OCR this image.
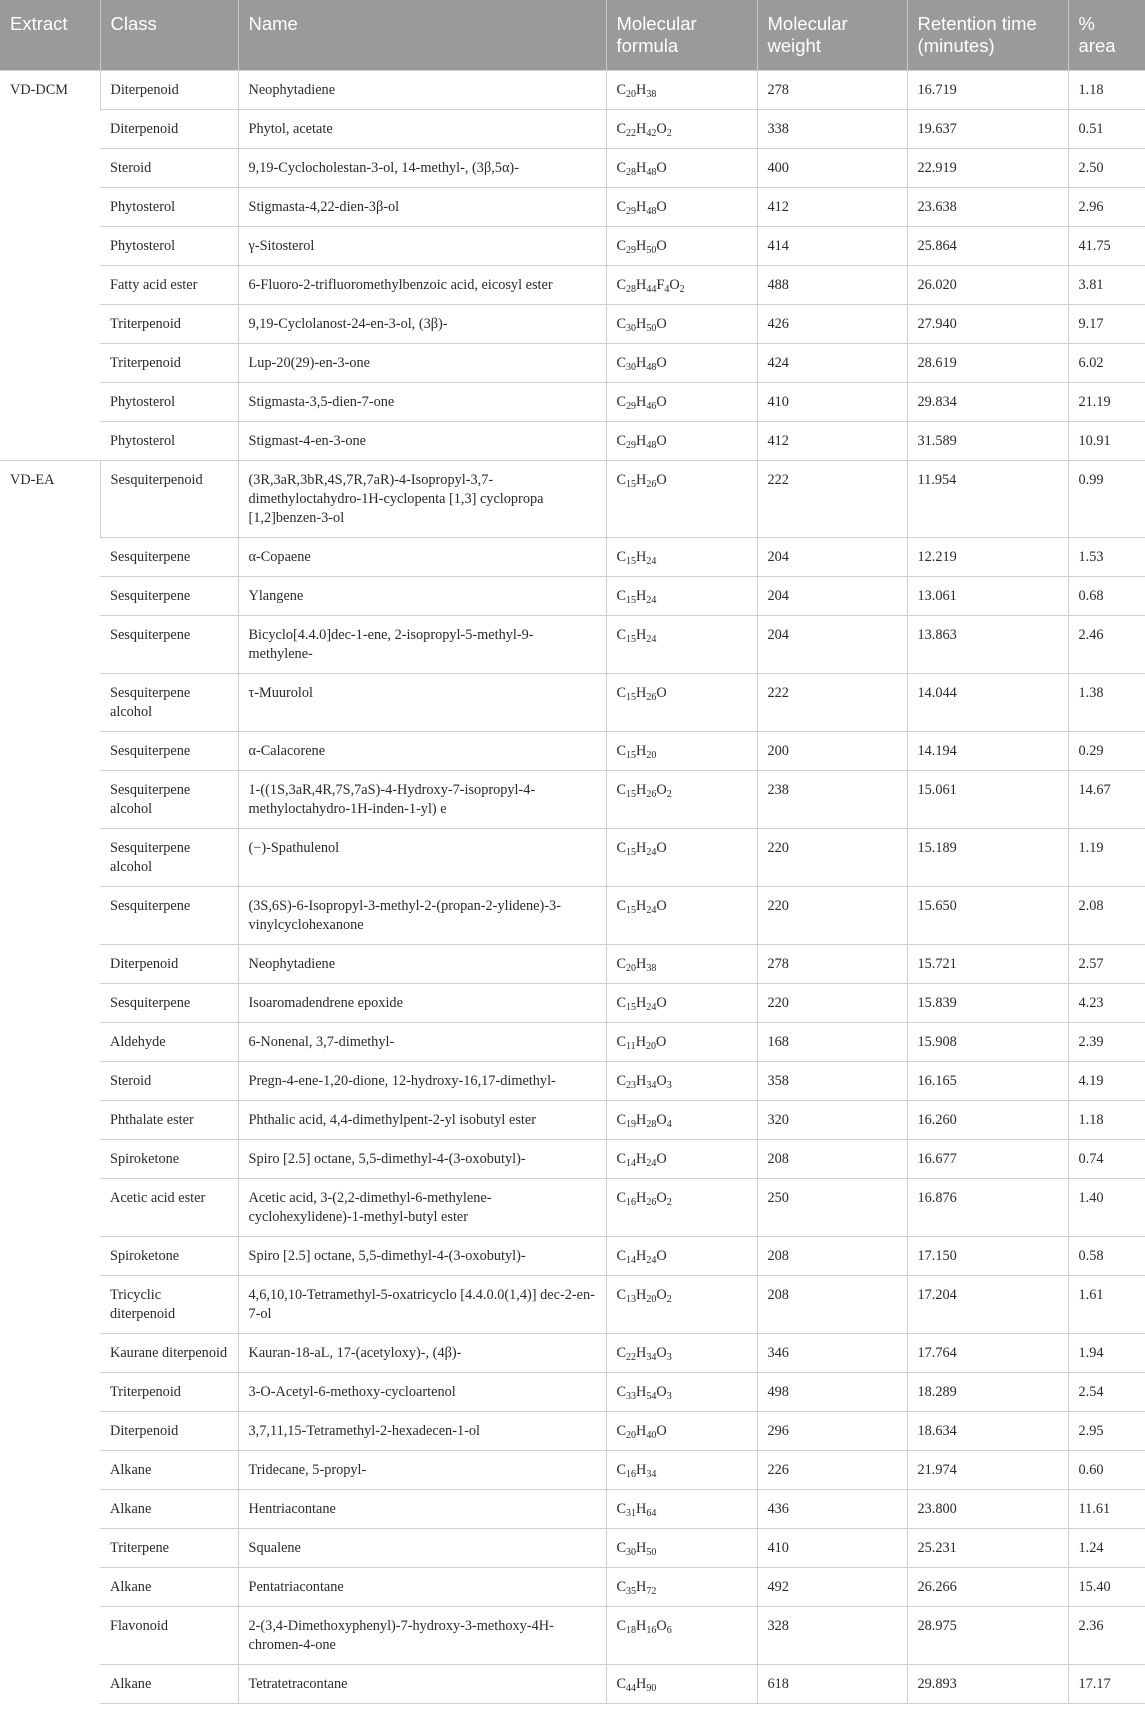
Extract	Class	Name	Molecular formula	Molecular weight	Retention time (minutes)	% area
VD-DCM	Diterpenoid	Neophytadiene	$C_{20}H_{38}$	278	16.719	1.18
	Diterpenoid	Phytol, acetate	$C_{22}H_{42}O_2$	338	19.637	0.51
	Steroid	9,19-Cyclocholestan-3-ol, 14-methyl-, (3β,5α)-	$C_{28}H_{48}O$	400	22.919	2.50
	Phytosterol	Stigmasta-4,22-dien-3β-ol	$C_{29}H_{48}O$	412	23.638	2.96
	Phytosterol	γ-Sitosterol	$C_{29}H_{50}O$	414	25.864	41.75
	Fatty acid ester	6-Fluoro-2-trifluoromethylbenzoic acid, eicosyl ester	$C_{28}H_{44}F_4O_2$	488	26.020	3.81
	Triterpenoid	9,19-Cyclolanost-24-en-3-ol, (3β)-	$C_{30}H_{50}O$	426	27.940	9.17
	Triterpenoid	Lup-20(29)-en-3-one	$C_{30}H_{48}O$	424	28.619	6.02
	Phytosterol	Stigmasta-3,5-dien-7-one	$C_{29}H_{46}O$	410	29.834	21.19
	Phytosterol	Stigmast-4-en-3-one	$C_{29}H_{48}O$	412	31.589	10.91
VD-EA	Sesquiterpenoid	(3R,3aR,3bR,4S,7R,7aR)-4-Isopropyl-3,7-dimethyloctahydro-1H-cyclopenta [1,3] cyclopropa [1,2]benzen-3-ol	$C_{15}H_{26}O$	222	11.954	0.99
	Sesquiterpene	α-Copaene	$C_{15}H_{24}$	204	12.219	1.53
	Sesquiterpene	Ylangene	$C_{15}H_{24}$	204	13.061	0.68
	Sesquiterpene	Bicyclo[4.4.0]dec-1-ene, 2-isopropyl-5-methyl-9-methylene-	$C_{15}H_{24}$	204	13.863	2.46
	Sesquiterpene alcohol	τ-Muurolol	$C_{15}H_{26}O$	222	14.044	1.38
	Sesquiterpene	α-Calacorene	$C_{15}H_{20}$	200	14.194	0.29
	Sesquiterpene alcohol	1-((1S,3aR,4R,7S,7aS)-4-Hydroxy-7-isopropyl-4-methyloctahydro-1H-inden-1-yl) e	$C_{15}H_{26}O_2$	238	15.061	14.67
	Sesquiterpene alcohol	(−)-Spathulenol	$C_{15}H_{24}O$	220	15.189	1.19
	Sesquiterpene	(3S,6S)-6-Isopropyl-3-methyl-2-(propan-2-ylidene)-3-vinylcyclohexanone	$C_{15}H_{24}O$	220	15.650	2.08
	Diterpenoid	Neophytadiene	$C_{20}H_{38}$	278	15.721	2.57
	Sesquiterpene	Isoaromadendrene epoxide	$C_{15}H_{24}O$	220	15.839	4.23
	Aldehyde	6-Nonenal, 3,7-dimethyl-	$C_{11}H_{20}O$	168	15.908	2.39
	Steroid	Pregn-4-ene-1,20-dione, 12-hydroxy-16,17-dimethyl-	$C_{23}H_{34}O_3$	358	16.165	4.19
	Phthalate ester	Phthalic acid, 4,4-dimethylpent-2-yl isobutyl ester	$C_{19}H_{28}O_4$	320	16.260	1.18
	Spiroketone	Spiro [2.5] octane, 5,5-dimethyl-4-(3-oxobutyl)-	$C_{14}H_{24}O$	208	16.677	0.74
	Acetic acid ester	Acetic acid, 3-(2,2-dimethyl-6-methylene-cyclohexylidene)-1-methyl-butyl ester	$C_{16}H_{26}O_2$	250	16.876	1.40
	Spiroketone	Spiro [2.5] octane, 5,5-dimethyl-4-(3-oxobutyl)-	$C_{14}H_{24}O$	208	17.150	0.58
	Tricyclic diterpenoid	4,6,10,10-Tetramethyl-5-oxatricyclo [4.4.0.0(1,4)] dec-2-en-7-ol	$C_{13}H_{20}O_2$	208	17.204	1.61
	Kaurane diterpenoid	Kauran-18-aL, 17-(acetyloxy)-, (4β)-	$C_{22}H_{34}O_3$	346	17.764	1.94
	Triterpenoid	3-O-Acetyl-6-methoxy-cycloartenol	$C_{33}H_{54}O_3$	498	18.289	2.54
	Diterpenoid	3,7,11,15-Tetramethyl-2-hexadecen-1-ol	$C_{20}H_{40}O$	296	18.634	2.95
	Alkane	Tridecane, 5-propyl-	$C_{16}H_{34}$	226	21.974	0.60
	Alkane	Hentriacontane	$C_{31}H_{64}$	436	23.800	11.61
	Triterpene	Squalene	$C_{30}H_{50}$	410	25.231	1.24
	Alkane	Pentatriacontane	$C_{35}H_{72}$	492	26.266	15.40
	Flavonoid	2-(3,4-Dimethoxyphenyl)-7-hydroxy-3-methoxy-4H-chromen-4-one	$C_{18}H_{16}O_6$	328	28.975	2.36
	Alkane	Tetratetracontane	$C_{44}H_{90}$	618	29.893	17.17
